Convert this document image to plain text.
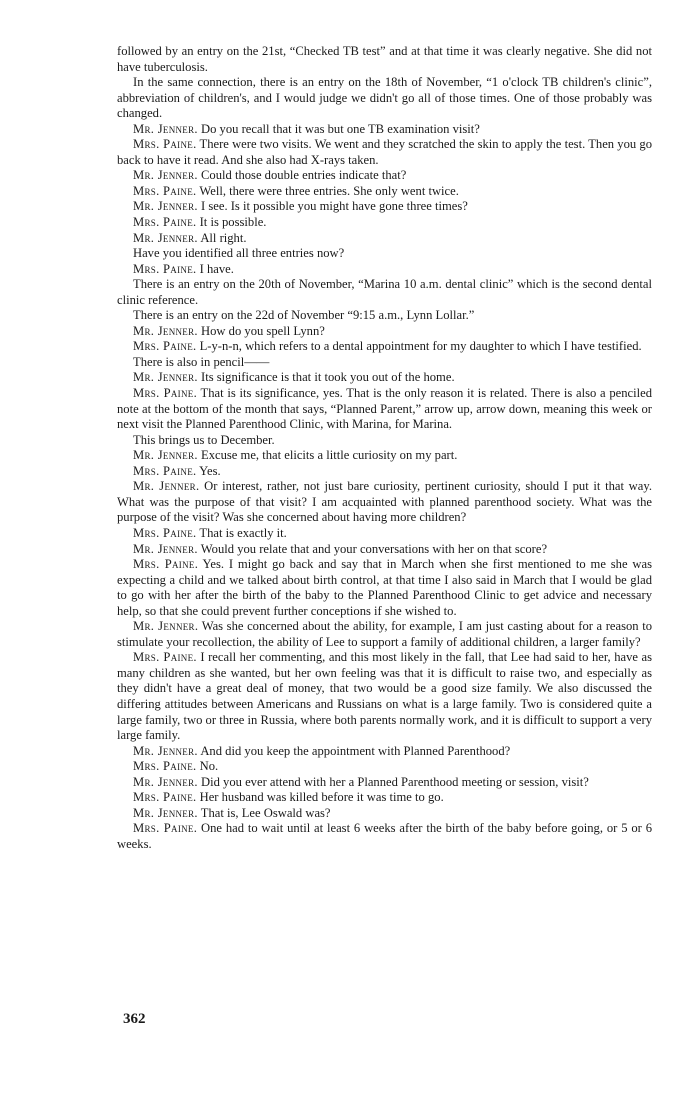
followed by an entry on the 21st, “Checked TB test” and at that time it was clearly negative. She did not have tuberculosis.

In the same connection, there is an entry on the 18th of November, “1 o'clock TB children's clinic”, abbreviation of children's, and I would judge we didn't go all of those times. One of those probably was changed.

Mr. Jenner. Do you recall that it was but one TB examination visit?

Mrs. Paine. There were two visits. We went and they scratched the skin to apply the test. Then you go back to have it read. And she also had X-rays taken.

Mr. Jenner. Could those double entries indicate that?

Mrs. Paine. Well, there were three entries. She only went twice.

Mr. Jenner. I see. Is it possible you might have gone three times?

Mrs. Paine. It is possible.

Mr. Jenner. All right.

Have you identified all three entries now?

Mrs. Paine. I have.

There is an entry on the 20th of November, “Marina 10 a.m. dental clinic” which is the second dental clinic reference.

There is an entry on the 22d of November “9:15 a.m., Lynn Lollar.”

Mr. Jenner. How do you spell Lynn?

Mrs. Paine. L-y-n-n, which refers to a dental appointment for my daughter to which I have testified.

There is also in pencil——

Mr. Jenner. Its significance is that it took you out of the home.

Mrs. Paine. That is its significance, yes. That is the only reason it is related. There is also a penciled note at the bottom of the month that says, “Planned Parent,” arrow up, arrow down, meaning this week or next visit the Planned Parenthood Clinic, with Marina, for Marina.

This brings us to December.

Mr. Jenner. Excuse me, that elicits a little curiosity on my part.

Mrs. Paine. Yes.

Mr. Jenner. Or interest, rather, not just bare curiosity, pertinent curiosity, should I put it that way. What was the purpose of that visit? I am acquainted with planned parenthood society. What was the purpose of the visit? Was she concerned about having more children?

Mrs. Paine. That is exactly it.

Mr. Jenner. Would you relate that and your conversations with her on that score?

Mrs. Paine. Yes. I might go back and say that in March when she first mentioned to me she was expecting a child and we talked about birth control, at that time I also said in March that I would be glad to go with her after the birth of the baby to the Planned Parenthood Clinic to get advice and necessary help, so that she could prevent further conceptions if she wished to.

Mr. Jenner. Was she concerned about the ability, for example, I am just casting about for a reason to stimulate your recollection, the ability of Lee to support a family of additional children, a larger family?

Mrs. Paine. I recall her commenting, and this most likely in the fall, that Lee had said to her, have as many children as she wanted, but her own feeling was that it is difficult to raise two, and especially as they didn't have a great deal of money, that two would be a good size family. We also discussed the differing attitudes between Americans and Russians on what is a large family. Two is considered quite a large family, two or three in Russia, where both parents normally work, and it is difficult to support a very large family.

Mr. Jenner. And did you keep the appointment with Planned Parenthood?

Mrs. Paine. No.

Mr. Jenner. Did you ever attend with her a Planned Parenthood meeting or session, visit?

Mrs. Paine. Her husband was killed before it was time to go.

Mr. Jenner. That is, Lee Oswald was?

Mrs. Paine. One had to wait until at least 6 weeks after the birth of the baby before going, or 5 or 6 weeks.

362
